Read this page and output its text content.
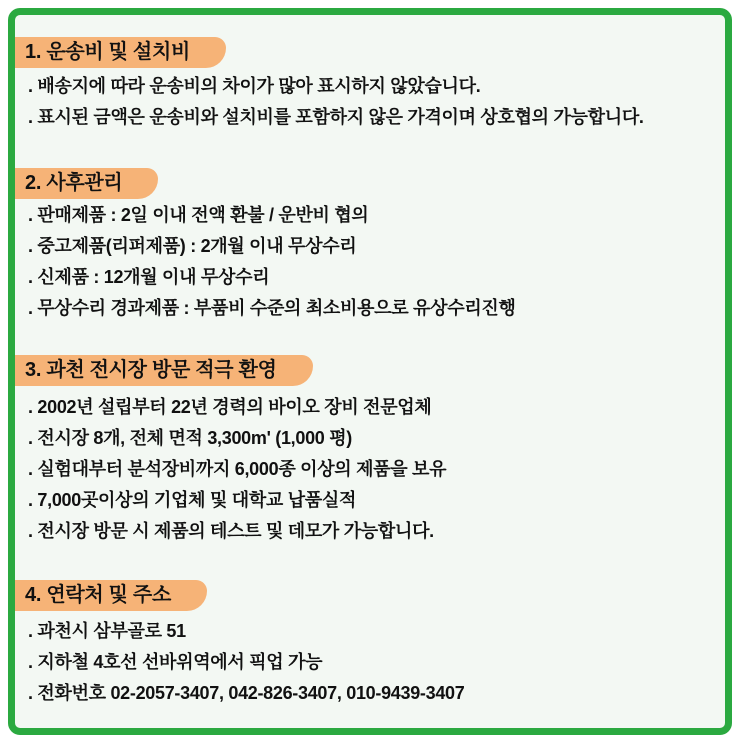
1. 운송비 및 설치비
. 배송지에 따라 운송비의 차이가 많아 표시하지 않았습니다.
. 표시된 금액은 운송비와 설치비를 포함하지 않은 가격이며 상호협의 가능합니다.
2. 사후관리
. 판매제품 : 2일 이내 전액 환불 / 운반비 협의
. 중고제품(리퍼제품) : 2개월 이내 무상수리
. 신제품 : 12개월 이내 무상수리
. 무상수리 경과제품 : 부품비 수준의 최소비용으로 유상수리진행
3. 과천 전시장 방문 적극 환영
. 2002년 설립부터 22년 경력의 바이오 장비 전문업체
. 전시장 8개, 전체 면적 3,300m' (1,000 평)
. 실험대부터 분석장비까지 6,000종 이상의 제품을 보유
. 7,000곳이상의 기업체 및 대학교 납품실적
. 전시장 방문 시 제품의 테스트 및 데모가 가능합니다.
4. 연락처 및 주소
. 과천시 삼부골로 51
. 지하철 4호선 선바위역에서 픽업 가능
. 전화번호 02-2057-3407, 042-826-3407, 010-9439-3407
